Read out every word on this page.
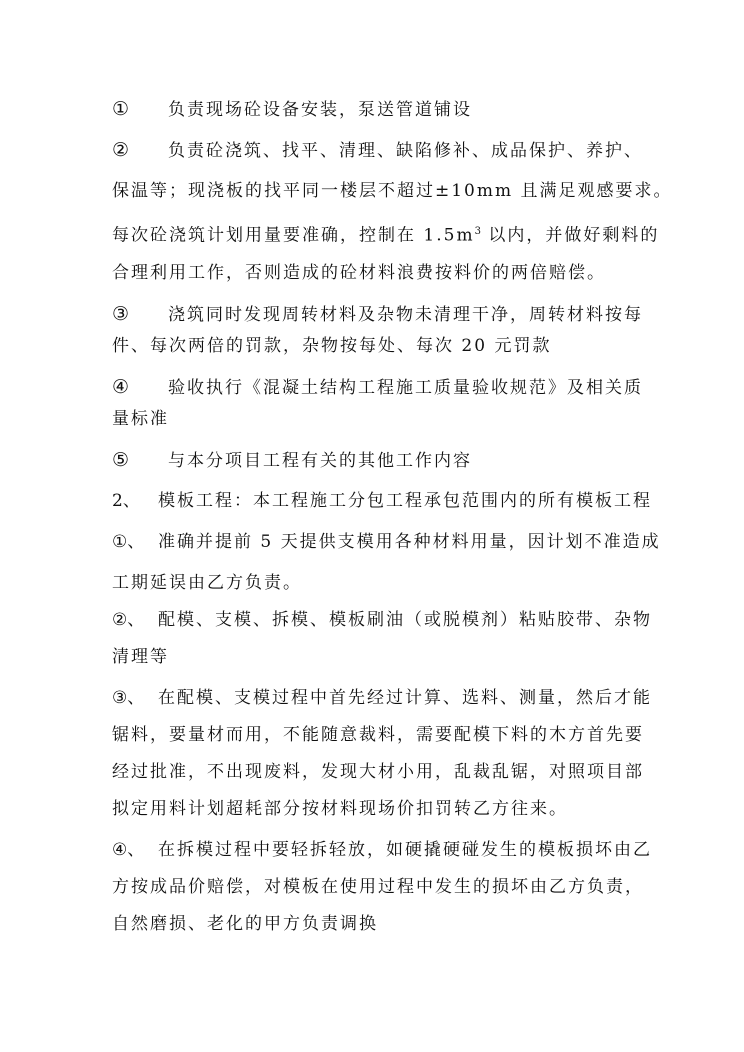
① 负责现场砼设备安装，泵送管道铺设
② 负责砼浇筑、找平、清理、缺陷修补、成品保护、养护、
保温等；现浇板的找平同一楼层不超过±10mm 且满足观感要求。
每次砼浇筑计划用量要准确，控制在 $1.5m^3$ 以内，并做好剩料的
合理利用工作，否则造成的砼材料浪费按料价的两倍赔偿。
③ 浇筑同时发现周转材料及杂物未清理干净，周转材料按每
件、每次两倍的罚款，杂物按每处、每次 20 元罚款
④ 验收执行《混凝土结构工程施工质量验收规范》及相关质
量标准
⑤ 与本分项目工程有关的其他工作内容
2、 模板工程：本工程施工分包工程承包范围内的所有模板工程
①、 准确并提前 5 天提供支模用各种材料用量，因计划不准造成
工期延误由乙方负责。
②、 配模、支模、拆模、模板刷油（或脱模剂）粘贴胶带、杂物
清理等
③、 在配模、支模过程中首先经过计算、选料、测量，然后才能
锯料，要量材而用，不能随意裁料，需要配模下料的木方首先要
经过批准，不出现废料，发现大材小用，乱裁乱锯，对照项目部
拟定用料计划超耗部分按材料现场价扣罚转乙方往来。
④、 在拆模过程中要轻拆轻放，如硬撬硬碰发生的模板损坏由乙
方按成品价赔偿，对模板在使用过程中发生的损坏由乙方负责，
自然磨损、老化的甲方负责调换
